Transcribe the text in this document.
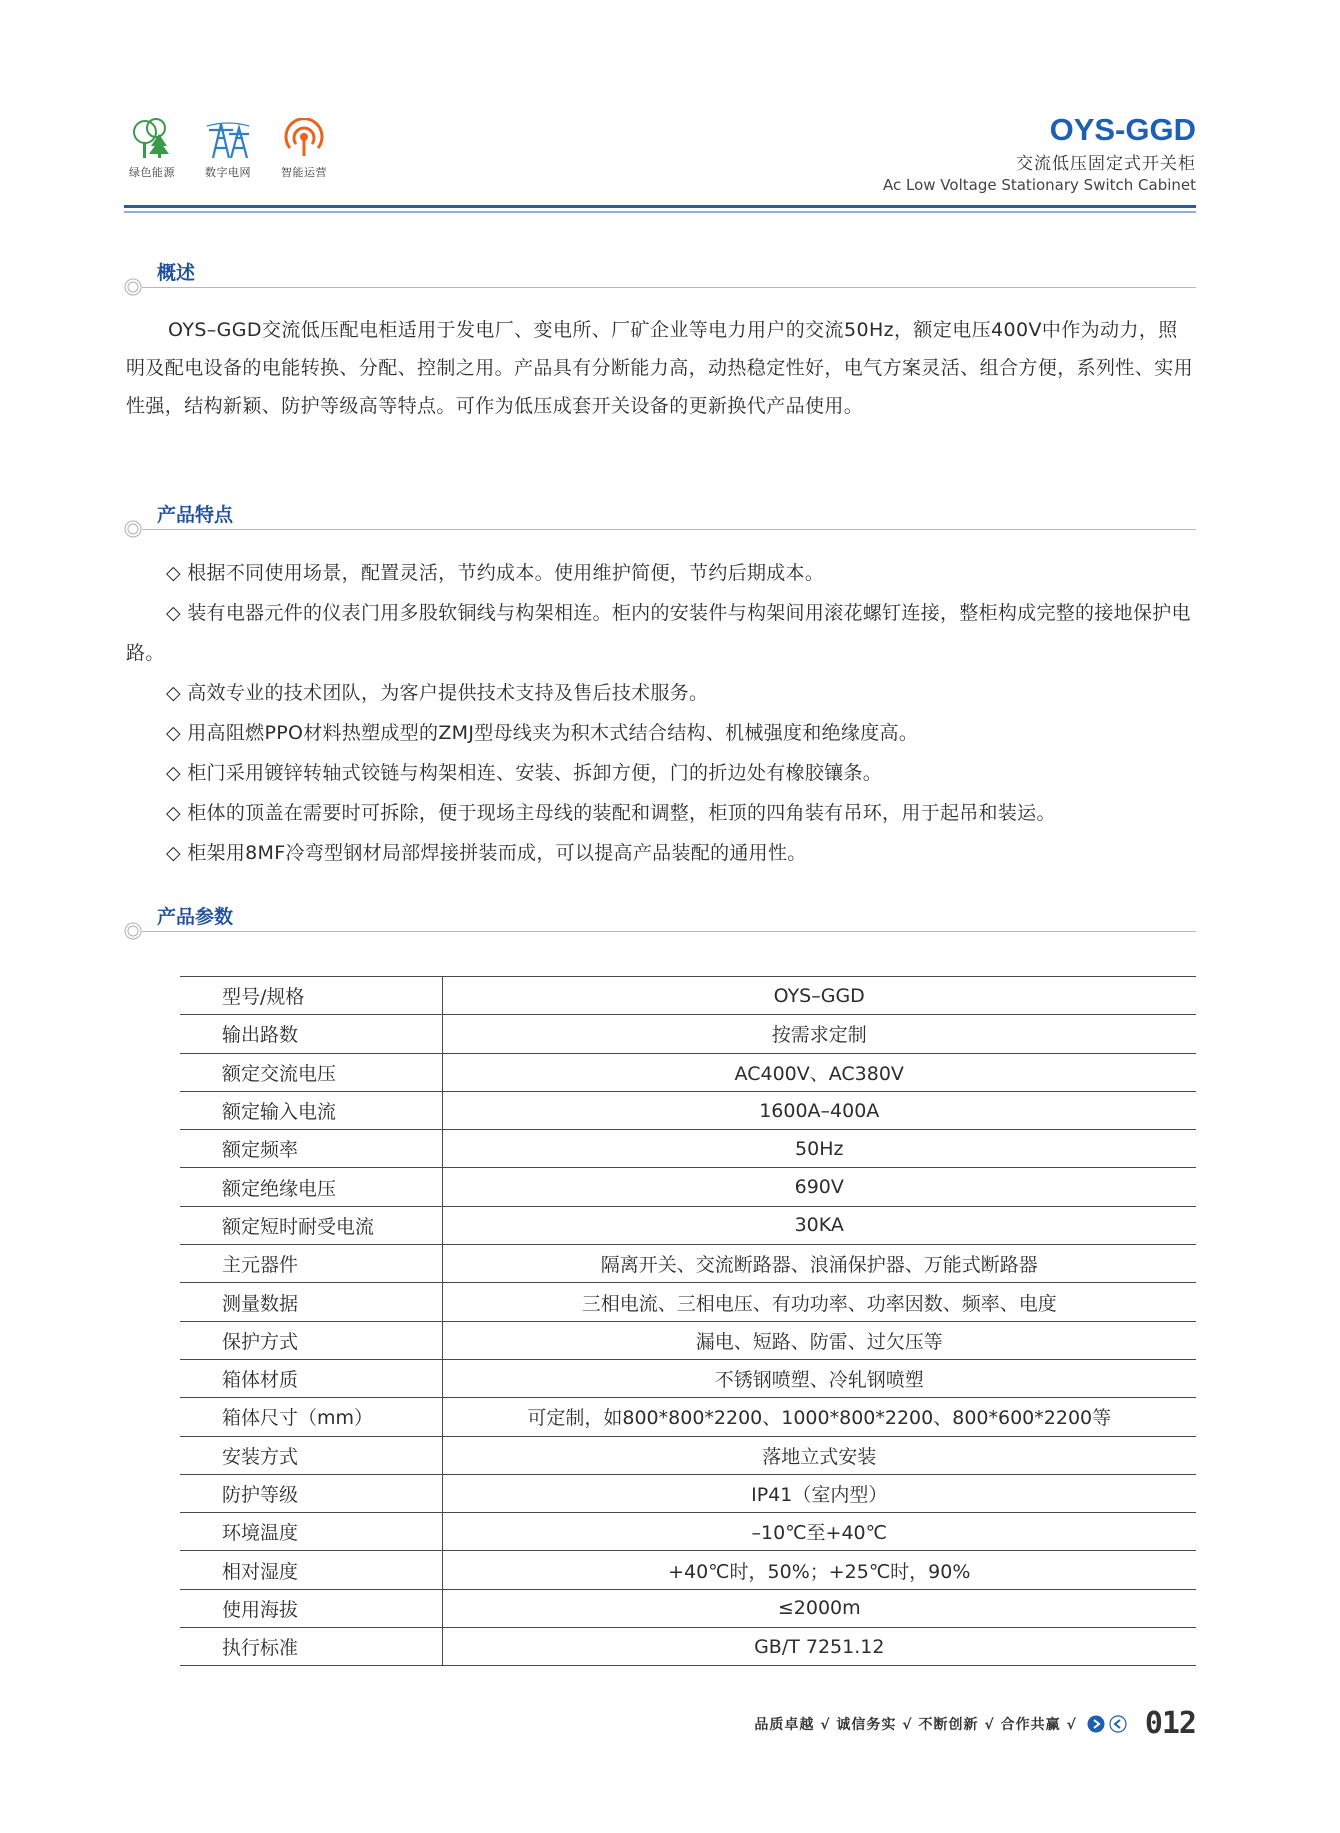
绿色能源	数字电网	智能运营
OYS-GGD
交流低压固定式开关柜
Ac Low Voltage Stationary Switch Cabinet
概述
OYS–GGD交流低压配电柜适用于发电厂、变电所、厂矿企业等电力用户的交流50Hz，额定电压400V中作为动力，照明及配电设备的电能转换、分配、控制之用。产品具有分断能力高，动热稳定性好，电气方案灵活、组合方便，系列性、实用性强，结构新颖、防护等级高等特点。可作为低压成套开关设备的更新换代产品使用。
产品特点
◇ 根据不同使用场景，配置灵活，节约成本。使用维护简便，节约后期成本。
◇ 装有电器元件的仪表门用多股软铜线与构架相连。柜内的安装件与构架间用滚花螺钉连接，整柜构成完整的接地保护电路。
◇ 高效专业的技术团队，为客户提供技术支持及售后技术服务。
◇ 用高阻燃PPO材料热塑成型的ZMJ型母线夹为积木式结合结构、机械强度和绝缘度高。
◇ 柜门采用镀锌转轴式铰链与构架相连、安装、拆卸方便，门的折边处有橡胶镶条。
◇ 柜体的顶盖在需要时可拆除，便于现场主母线的装配和调整，柜顶的四角装有吊环，用于起吊和装运。
◇ 柜架用8MF冷弯型钢材局部焊接拼装而成，可以提高产品装配的通用性。
产品参数
型号/规格	OYS–GGD
输出路数	按需求定制
额定交流电压	AC400V、AC380V
额定输入电流	1600A–400A
额定频率	50Hz
额定绝缘电压	690V
额定短时耐受电流	30KA
主元器件	隔离开关、交流断路器、浪涌保护器、万能式断路器
测量数据	三相电流、三相电压、有功功率、功率因数、频率、电度
保护方式	漏电、短路、防雷、过欠压等
箱体材质	不锈钢喷塑、冷轧钢喷塑
箱体尺寸（mm）	可定制，如800*800*2200、1000*800*2200、800*600*2200等
安装方式	落地立式安装
防护等级	IP41（室内型）
环境温度	–10℃至+40℃
相对湿度	+40℃时，50%；+25℃时，90%
使用海拔	≤2000m
执行标准	GB/T 7251.12
品质卓越 √ 诚信务实 √ 不断创新 √ 合作共赢 √ 012
